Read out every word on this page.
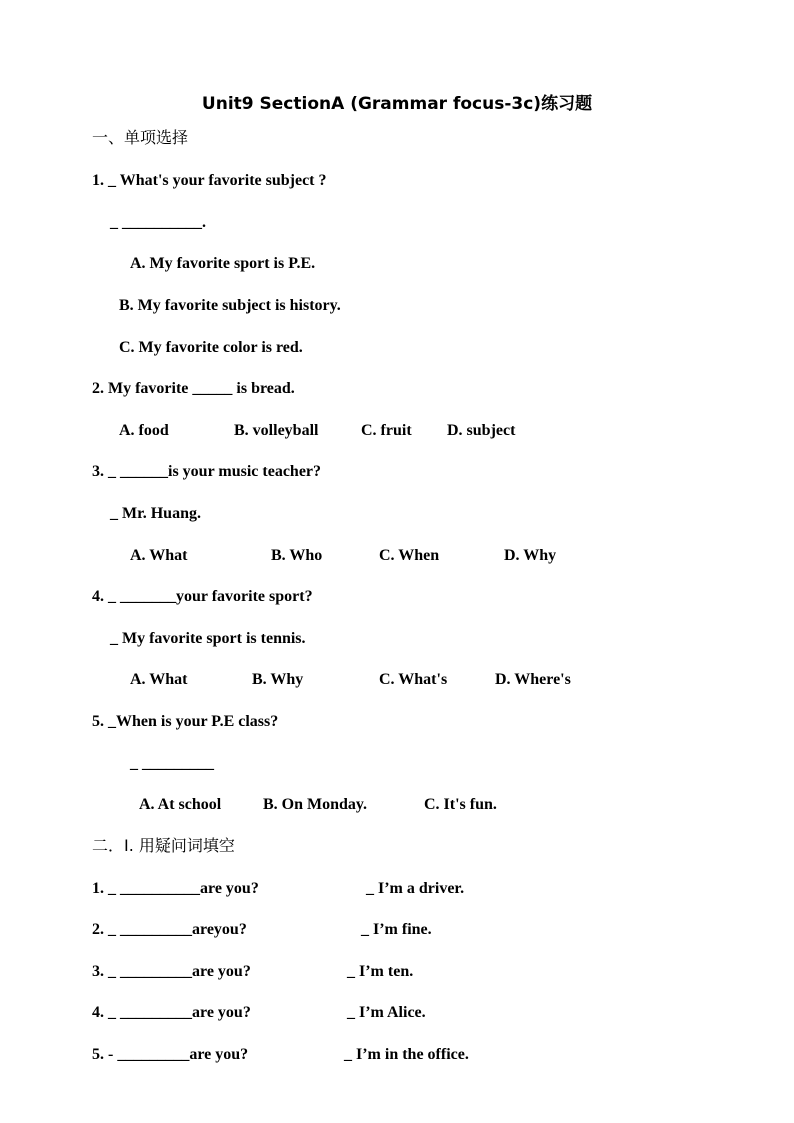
Unit9 SectionA (Grammar focus-3c)练习题
一、单项选择
1. _ What's your favorite subject ?
_ __________.
A. My favorite sport is P.E.
B. My favorite subject is history.
C. My favorite color is red.
2. My favorite _____ is bread.
A. food	B. volleyball	C. fruit D. subject
3. _ ______is your music teacher?
_ Mr. Huang.
A. What	B. Who	C. When	D. Why
4. _ _______your favorite sport?
_ My favorite sport is tennis.
A. What	B. Why	C. What's	D. Where's
5. _When is your P.E class?
_ _________
A. At school	B. On Monday.	C. It's fun.
二．Ⅰ. 用疑问词填空
1. _ __________are you?	_ I’m a driver.
2. _ _________areyou?	_ I’m fine.
3. _ _________are you?	_ I’m ten.
4. _ _________are you?	_ I’m Alice.
5. - _________are you?	_ I’m in the office.
